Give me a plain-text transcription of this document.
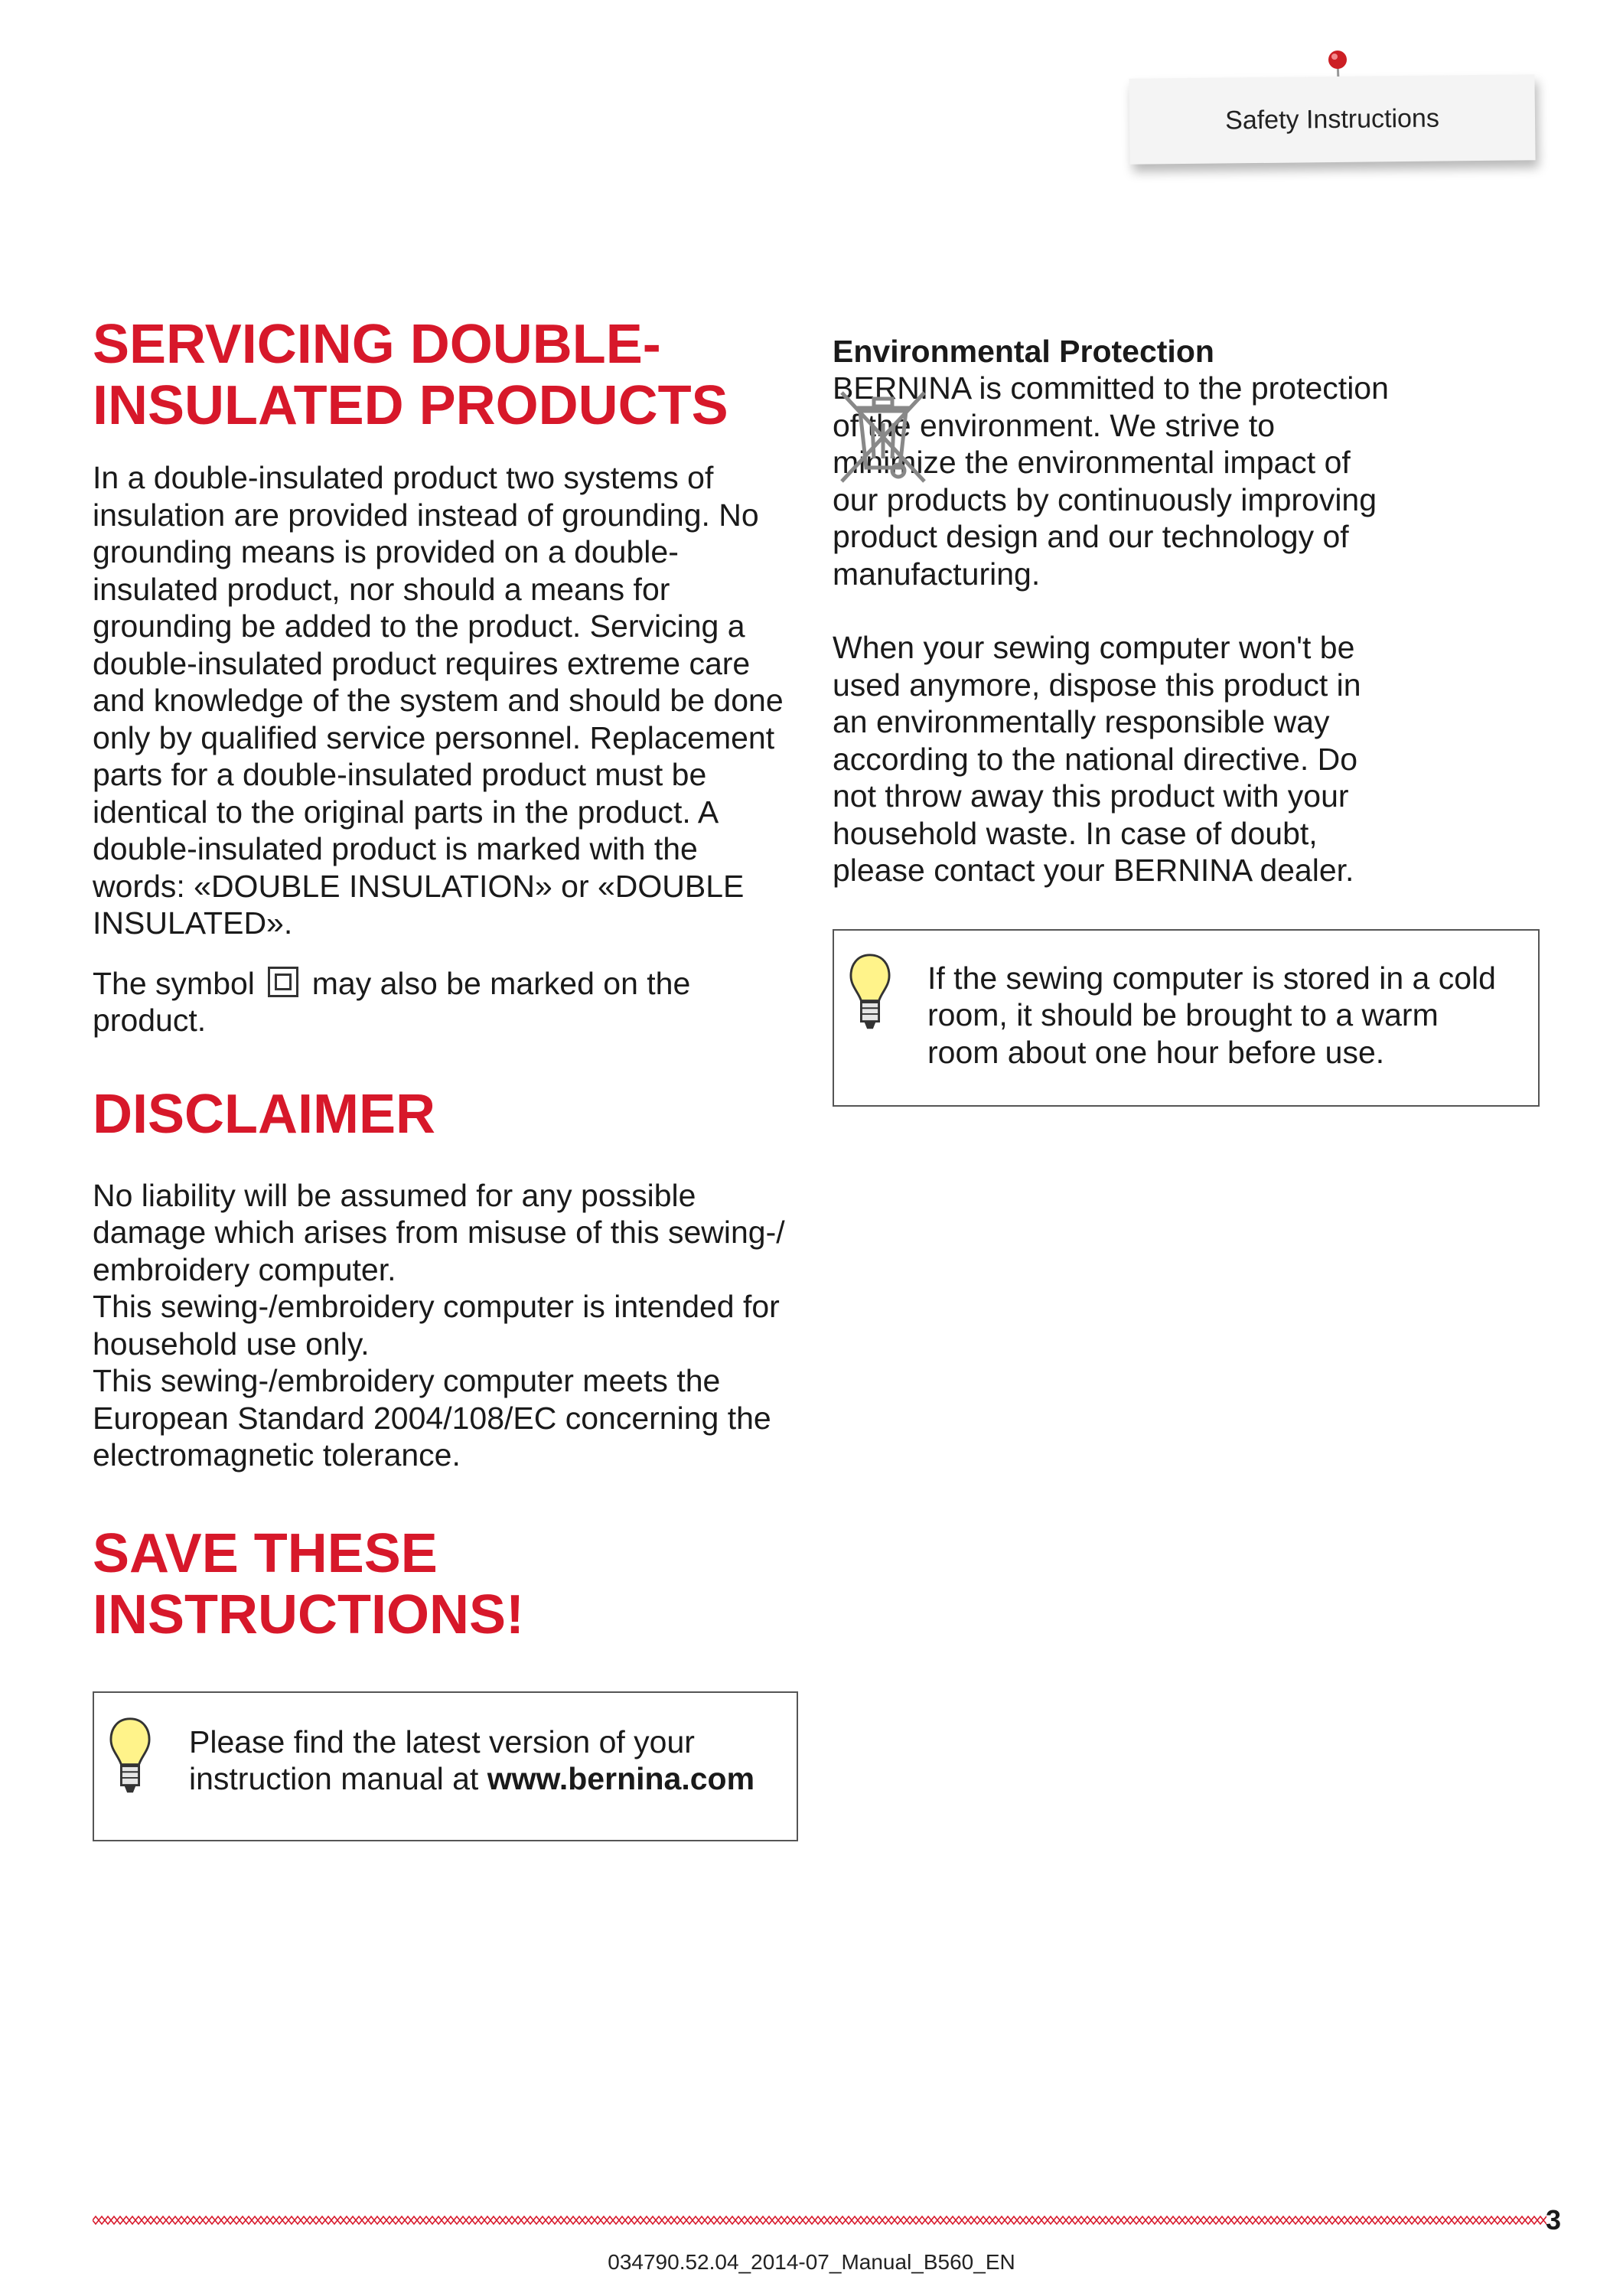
Safety Instructions
SERVICING DOUBLE-
INSULATED PRODUCTS

In a double-insulated product two systems of
insulation are provided instead of grounding. No
grounding means is provided on a double-
insulated product, nor should a means for
grounding be added to the product. Servicing a
double-insulated product requires extreme care
and knowledge of the system and should be done
only by qualified service personnel. Replacement
parts for a double-insulated product must be
identical to the original parts in the product. A
double-insulated product is marked with the
words: «DOUBLE INSULATION» or «DOUBLE
INSULATED».

The symbol may also be marked on the
product.

DISCLAIMER

No liability will be assumed for any possible
damage which arises from misuse of this sewing-/
embroidery computer.
This sewing-/embroidery computer is intended for
household use only.
This sewing-/embroidery computer meets the
European Standard 2004/108/EC concerning the
electromagnetic tolerance.

SAVE THESE
INSTRUCTIONS!

Please find the latest version of your
instruction manual at www.bernina.com

Environmental Protection

BERNINA is committed to the protection
of the environment. We strive to
minimize the environmental impact of
our products by continuously improving
product design and our technology of
manufacturing.

When your sewing computer won't be
used anymore, dispose this product in
an environmentally responsible way
according to the national directive. Do
not throw away this product with your
household waste. In case of doubt,
please contact your BERNINA dealer.

If the sewing computer is stored in a cold
room, it should be brought to a warm
room about one hour before use.

3
034790.52.04_2014-07_Manual_B560_EN
